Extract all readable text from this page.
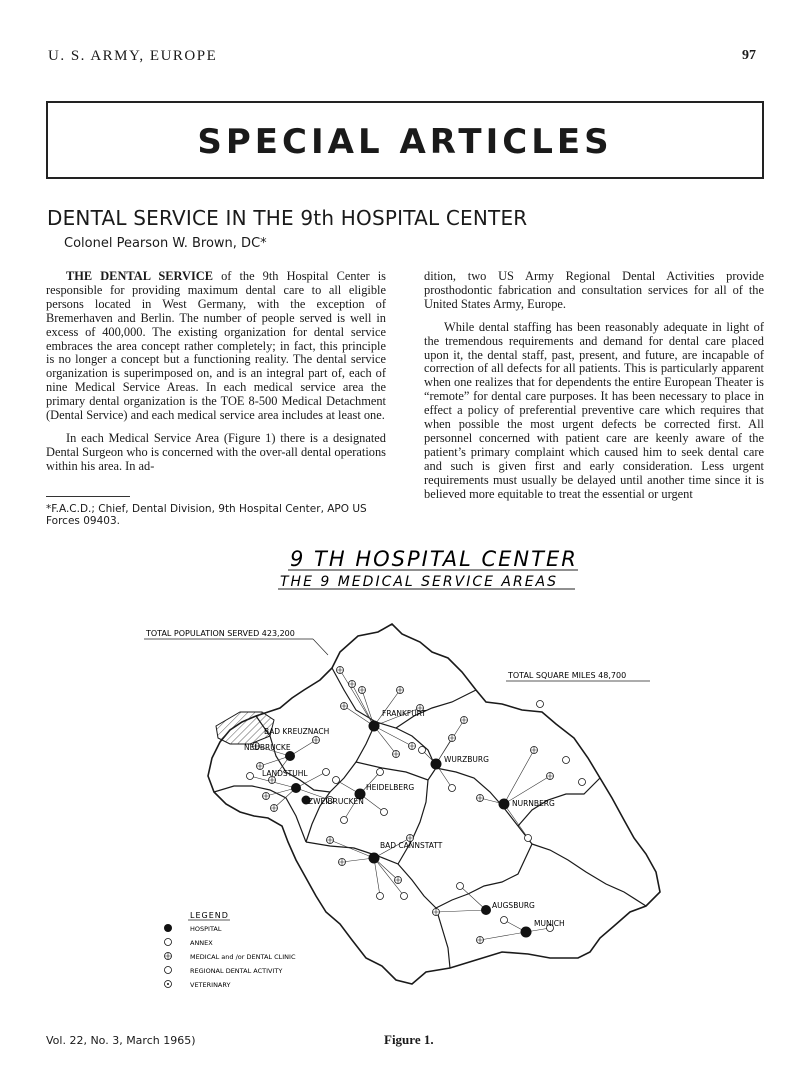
U. S. ARMY, EUROPE	97
SPECIAL ARTICLES
DENTAL SERVICE IN THE 9th HOSPITAL CENTER
Colonel Pearson W. Brown, DC*

THE DENTAL SERVICE of the 9th Hospital Center is responsible for providing maximum dental care to all eligible persons located in West Germany, with the exception of Bremerhaven and Berlin. The number of people served is well in excess of 400,000. The existing organization for dental service embraces the area concept rather completely; in fact, this principle is no longer a concept but a functioning reality. The dental service organization is superimposed on, and is an integral part of, each of nine Medical Service Areas. In each medical service area the primary dental organization is the TOE 8-500 Medical Detachment (Dental Service) and each medical service area includes at least one.

In each Medical Service Area (Figure 1) there is a designated Dental Surgeon who is concerned with the over-all dental operations within his area. In ad-

*F.A.C.D.; Chief, Dental Division, 9th Hospital Center, APO US Forces 09403.

dition, two US Army Regional Dental Activities provide prosthodontic fabrication and consultation services for all of the United States Army, Europe.

While dental staffing has been reasonably adequate in light of the tremendous requirements and demand for dental care placed upon it, the dental staff, past, present, and future, are incapable of correction of all defects for all patients. This is particularly apparent when one realizes that for dependents the entire European Theater is “remote” for dental care purposes. It has been necessary to place in effect a policy of preferential preventive care which requires that when possible the most urgent defects be corrected first. All personnel concerned with patient care are keenly aware of the patient’s primary complaint which caused him to seek dental care and such is given first and early consideration. Less urgent requirements must usually be delayed until another time since it is believed more equitable to treat the essential or urgent

9 TH HOSPITAL CENTER
THE 9 MEDICAL SERVICE AREAS
TOTAL POPULATION SERVED 423,200
TOTAL SQUARE MILES 48,700
FRANKFURT
BAD KREUZNACH
NEUBRUCKE
LANDSTUHL
ZWEIBRUCKEN
HEIDELBERG
WURZBURG
NURNBERG
BAD CANNSTATT
AUGSBURG
MUNICH
LEGEND
HOSPITAL
ANNEX
MEDICAL and /or DENTAL CLINIC
REGIONAL DENTAL ACTIVITY
VETERINARY
Vol. 22, No. 3, March 1965)	Figure 1.
